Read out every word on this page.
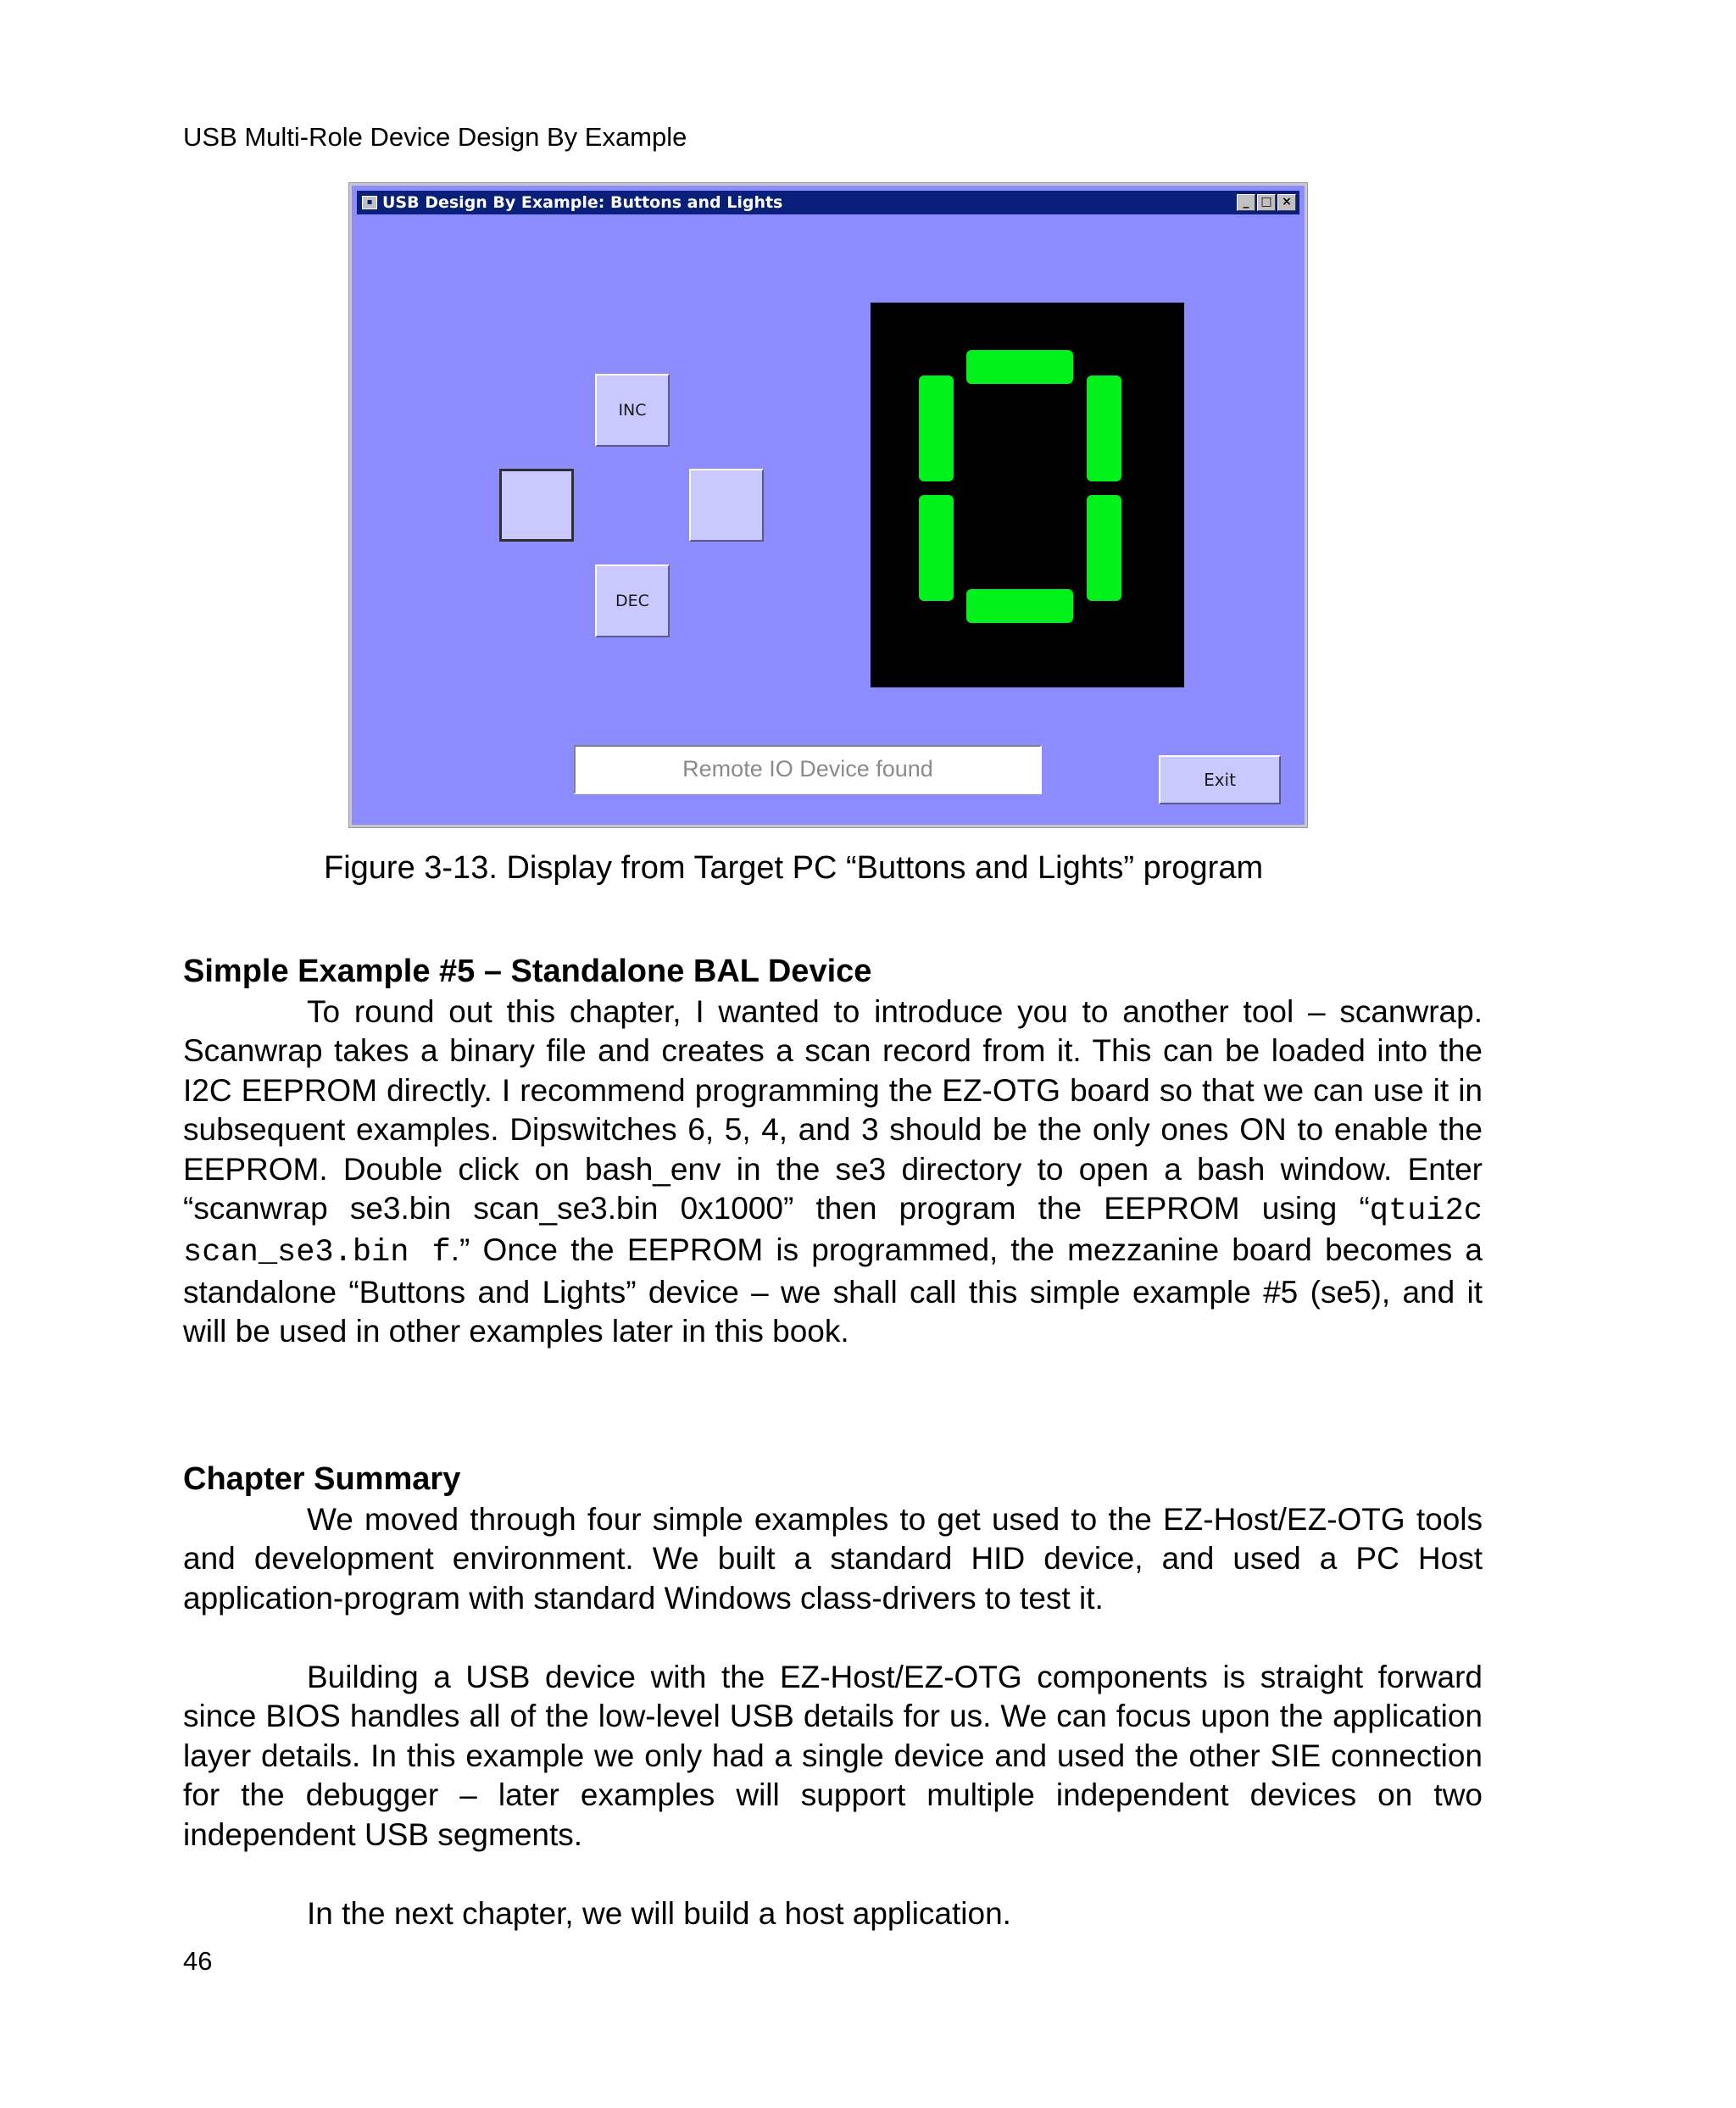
USB Multi-Role Device Design By Example
▪ USB Design By Example: Buttons and Lights	_ □ ×
INC
DEC
Remote IO Device found	Exit
Figure 3-13. Display from Target PC “Buttons and Lights” program
Simple Example #5 – Standalone BAL Device

To round out this chapter, I wanted to introduce you to another tool – scanwrap. Scanwrap takes a binary file and creates a scan record from it. This can be loaded into the I2C EEPROM directly. I recommend programming the EZ-OTG board so that we can use it in subsequent examples. Dipswitches 6, 5, 4, and 3 should be the only ones ON to enable the EEPROM. Double click on bash_env in the se3 directory to open a bash window. Enter “scanwrap se3.bin scan_se3.bin 0x1000” then program the EEPROM using “qtui2c scan_se3.bin f.” Once the EEPROM is programmed, the mezzanine board becomes a standalone “Buttons and Lights” device – we shall call this simple example #5 (se5), and it will be used in other examples later in this book.

Chapter Summary

We moved through four simple examples to get used to the EZ-Host/EZ-OTG tools and development environment. We built a standard HID device, and used a PC Host application-program with standard Windows class-drivers to test it.

Building a USB device with the EZ-Host/EZ-OTG components is straight forward since BIOS handles all of the low-level USB details for us. We can focus upon the application layer details. In this example we only had a single device and used the other SIE connection for the debugger – later examples will support multiple independent devices on two independent USB segments.

In the next chapter, we will build a host application.

46
